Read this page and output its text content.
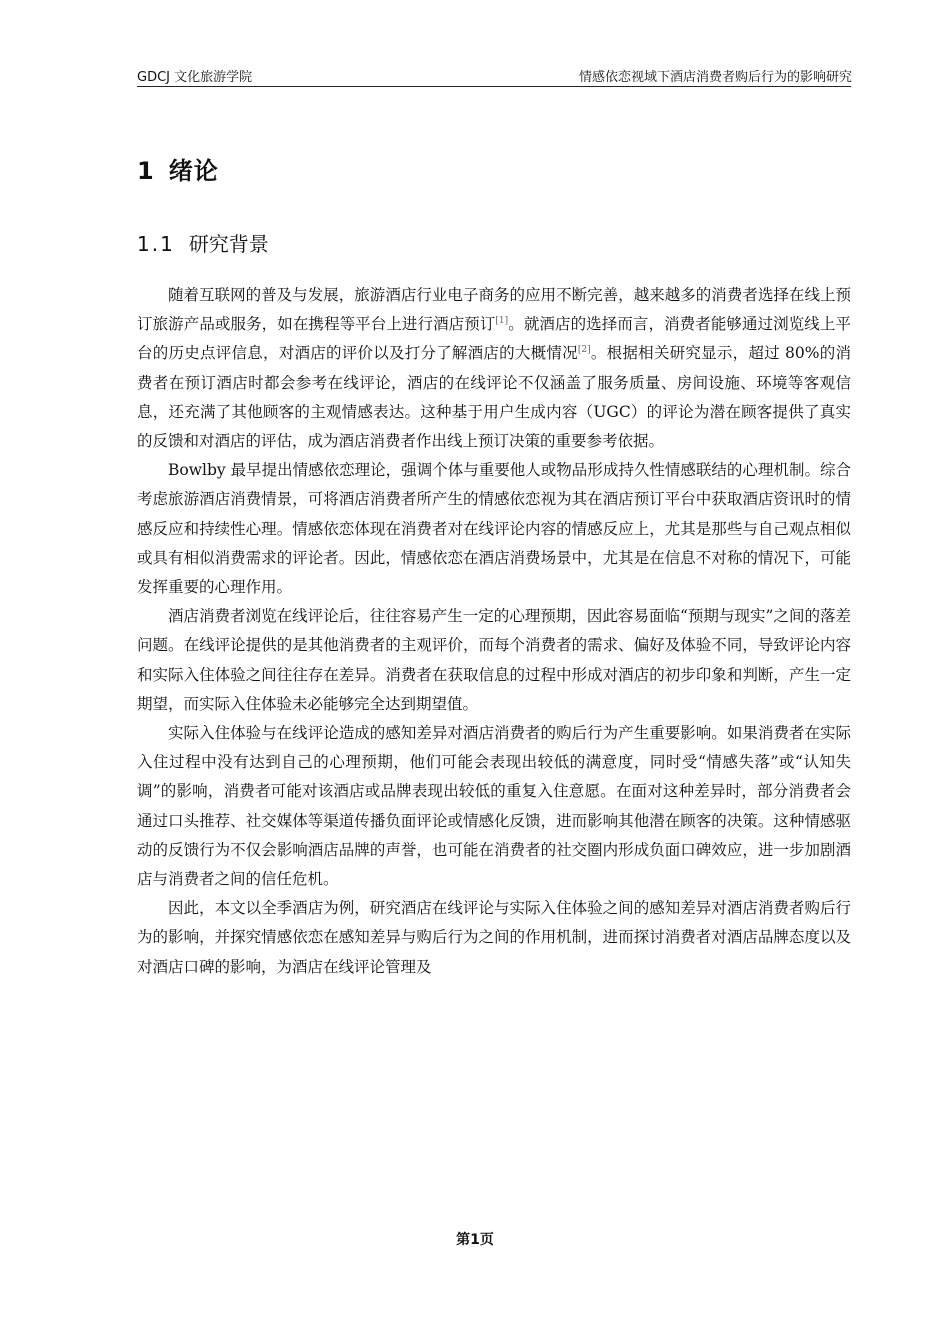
GDCJ 文化旅游学院	情感依恋视域下酒店消费者购后行为的影响研究
1 绪论
1.1 研究背景

随着互联网的普及与发展，旅游酒店行业电子商务的应用不断完善，越来越多的消费者选择在线上预订旅游产品或服务，如在携程等平台上进行酒店预订[1]。就酒店的选择而言，消费者能够通过浏览线上平台的历史点评信息，对酒店的评价以及打分了解酒店的大概情况[2]。根据相关研究显示，超过 80%的消费者在预订酒店时都会参考在线评论，酒店的在线评论不仅涵盖了服务质量、房间设施、环境等客观信息，还充满了其他顾客的主观情感表达。这种基于用户生成内容（UGC）的评论为潜在顾客提供了真实的反馈和对酒店的评估，成为酒店消费者作出线上预订决策的重要参考依据。

Bowlby 最早提出情感依恋理论，强调个体与重要他人或物品形成持久性情感联结的心理机制。综合考虑旅游酒店消费情景，可将酒店消费者所产生的情感依恋视为其在酒店预订平台中获取酒店资讯时的情感反应和持续性心理。情感依恋体现在消费者对在线评论内容的情感反应上，尤其是那些与自己观点相似或具有相似消费需求的评论者。因此，情感依恋在酒店消费场景中，尤其是在信息不对称的情况下，可能发挥重要的心理作用。

酒店消费者浏览在线评论后，往往容易产生一定的心理预期，因此容易面临“预期与现实”之间的落差问题。在线评论提供的是其他消费者的主观评价，而每个消费者的需求、偏好及体验不同，导致评论内容和实际入住体验之间往往存在差异。消费者在获取信息的过程中形成对酒店的初步印象和判断，产生一定期望，而实际入住体验未必能够完全达到期望值。

实际入住体验与在线评论造成的感知差异对酒店消费者的购后行为产生重要影响。如果消费者在实际入住过程中没有达到自己的心理预期，他们可能会表现出较低的满意度，同时受“情感失落”或“认知失调”的影响，消费者可能对该酒店或品牌表现出较低的重复入住意愿。在面对这种差异时，部分消费者会通过口头推荐、社交媒体等渠道传播负面评论或情感化反馈，进而影响其他潜在顾客的决策。这种情感驱动的反馈行为不仅会影响酒店品牌的声誉，也可能在消费者的社交圈内形成负面口碑效应，进一步加剧酒店与消费者之间的信任危机。

因此，本文以全季酒店为例，研究酒店在线评论与实际入住体验之间的感知差异对酒店消费者购后行为的影响，并探究情感依恋在感知差异与购后行为之间的作用机制，进而探讨消费者对酒店品牌态度以及对酒店口碑的影响，为酒店在线评论管理及

第1页
